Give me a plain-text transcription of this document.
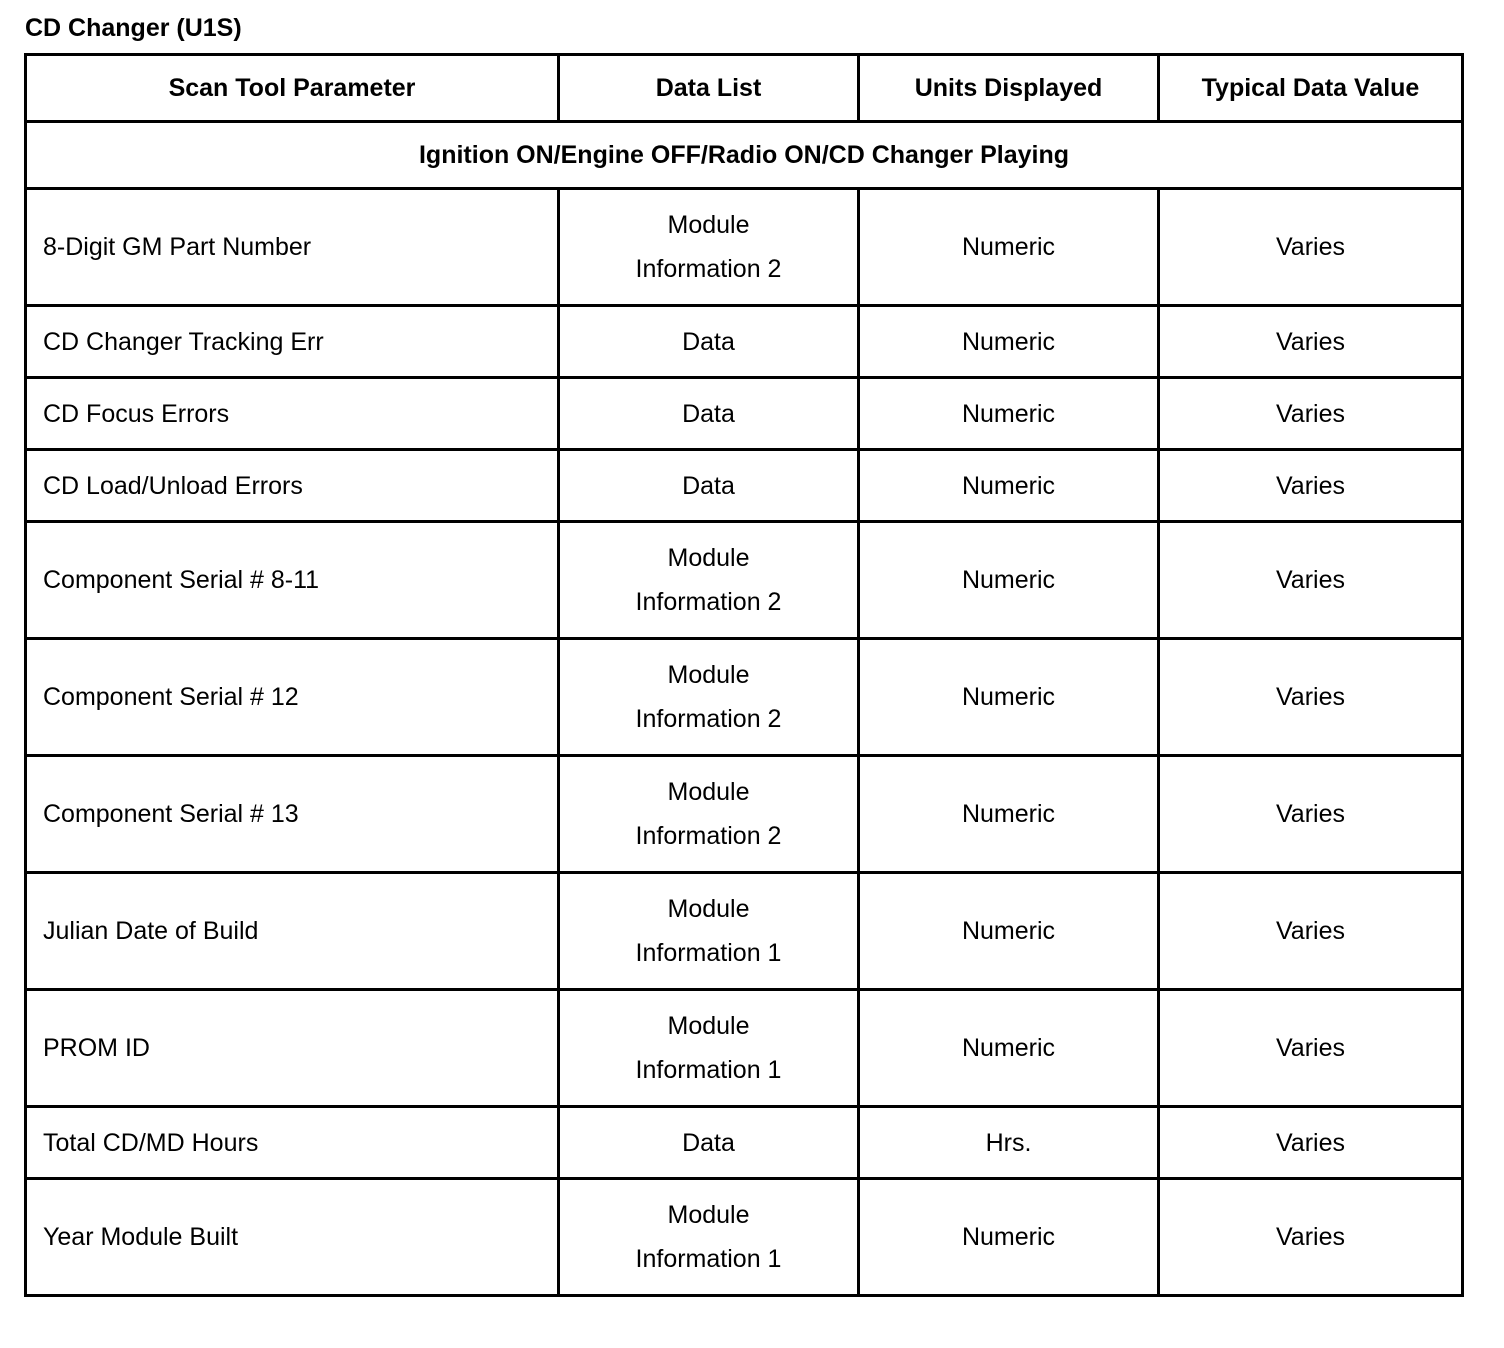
CD Changer (U1S)
Scan Tool Parameter	Data List	Units Displayed	Typical Data Value
Ignition ON/Engine OFF/Radio ON/CD Changer Playing			
8-Digit GM Part Number	Module Information 2	Numeric	Varies
CD Changer Tracking Err	Data	Numeric	Varies
CD Focus Errors	Data	Numeric	Varies
CD Load/Unload Errors	Data	Numeric	Varies
Component Serial # 8-11	Module Information 2	Numeric	Varies
Component Serial # 12	Module Information 2	Numeric	Varies
Component Serial # 13	Module Information 2	Numeric	Varies
Julian Date of Build	Module Information 1	Numeric	Varies
PROM ID	Module Information 1	Numeric	Varies
Total CD/MD Hours	Data	Hrs.	Varies
Year Module Built	Module Information 1	Numeric	Varies
